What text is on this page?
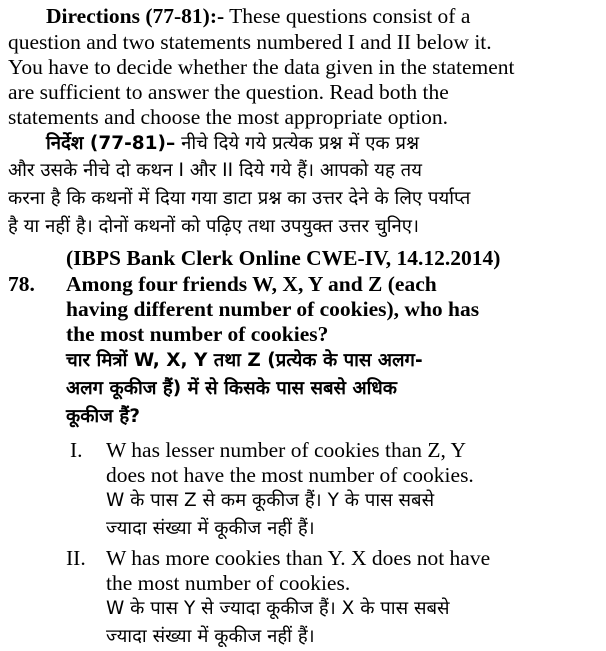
Directions (77-81):- These questions consist of a
question and two statements numbered I and II below it.
You have to decide whether the data given in the statement
are sufficient to answer the question. Read both the
statements and choose the most appropriate option.
निर्देश (77-81)– नीचे दिये गये प्रत्येक प्रश्न में एक प्रश्न
और उसके नीचे दो कथन I और II दिये गये हैं। आपको यह तय
करना है कि कथनों में दिया गया डाटा प्रश्न का उत्तर देने के लिए पर्याप्त
है या नहीं है। दोनों कथनों को पढ़िए तथा उपयुक्त उत्तर चुनिए।
(IBPS Bank Clerk Online CWE-IV, 14.12.2014)
78. Among four friends W, X, Y and Z (each
having different number of cookies), who has
the most number of cookies?
चार मित्रों W, X, Y तथा Z (प्रत्येक के पास अलग-
अलग कूकीज हैं) में से किसके पास सबसे अधिक
कूकीज हैं?
I. W has lesser number of cookies than Z, Y
does not have the most number of cookies.
W के पास Z से कम कूकीज हैं। Y के पास सबसे
ज्यादा संख्या में कूकीज नहीं हैं।
II. W has more cookies than Y. X does not have
the most number of cookies.
W के पास Y से ज्यादा कूकीज हैं। X के पास सबसे
ज्यादा संख्या में कूकीज नहीं हैं।
